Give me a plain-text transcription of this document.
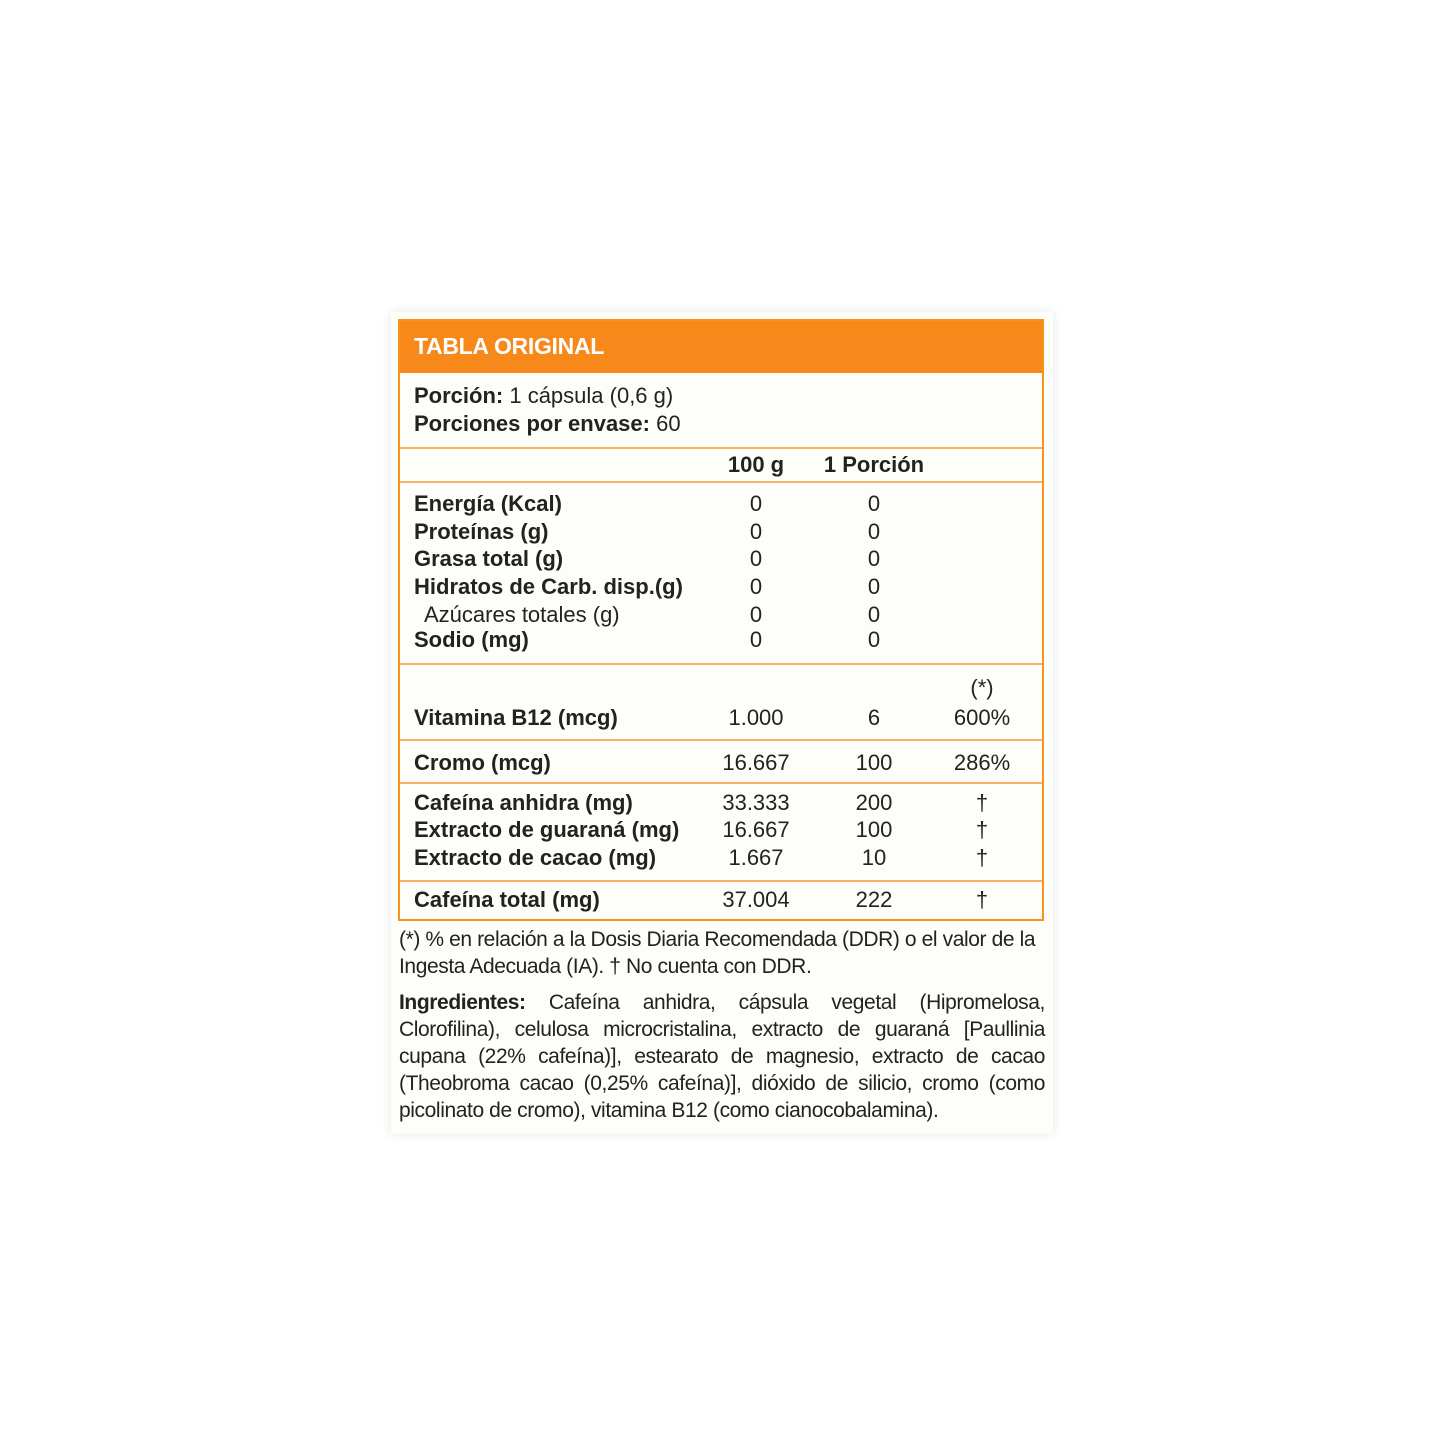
TABLA ORIGINAL
Porción: 1 cápsula (0,6 g)
Porciones por envase: 60
100 g	1 Porción
Energía (Kcal)	0	0
Proteínas (g)	0	0
Grasa total (g)	0	0
Hidratos de Carb. disp.(g)	0	0
Azúcares totales (g)	0	0
Sodio (mg)	0	0
(*)
Vitamina B12 (mcg)	1.000	6	600%
Cromo (mcg)	16.667	100	286%
Cafeína anhidra (mg)	33.333	200	†
Extracto de guaraná (mg)	16.667	100	†
Extracto de cacao (mg)	1.667	10	†
Cafeína total (mg)	37.004	222	†
(*) % en relación a la Dosis Diaria Recomendada (DDR) o el valor de la Ingesta Adecuada (IA). † No cuenta con DDR.
Ingredientes: Cafeína anhidra, cápsula vegetal (Hipromelosa, Clorofilina), celulosa microcristalina, extracto de guaraná [Paullinia cupana (22% cafeína)], estearato de magnesio, extracto de cacao (Theobroma cacao (0,25% cafeína)], dióxido de silicio, cromo (como picolinato de cromo), vitamina B12 (como cianocobalamina).
